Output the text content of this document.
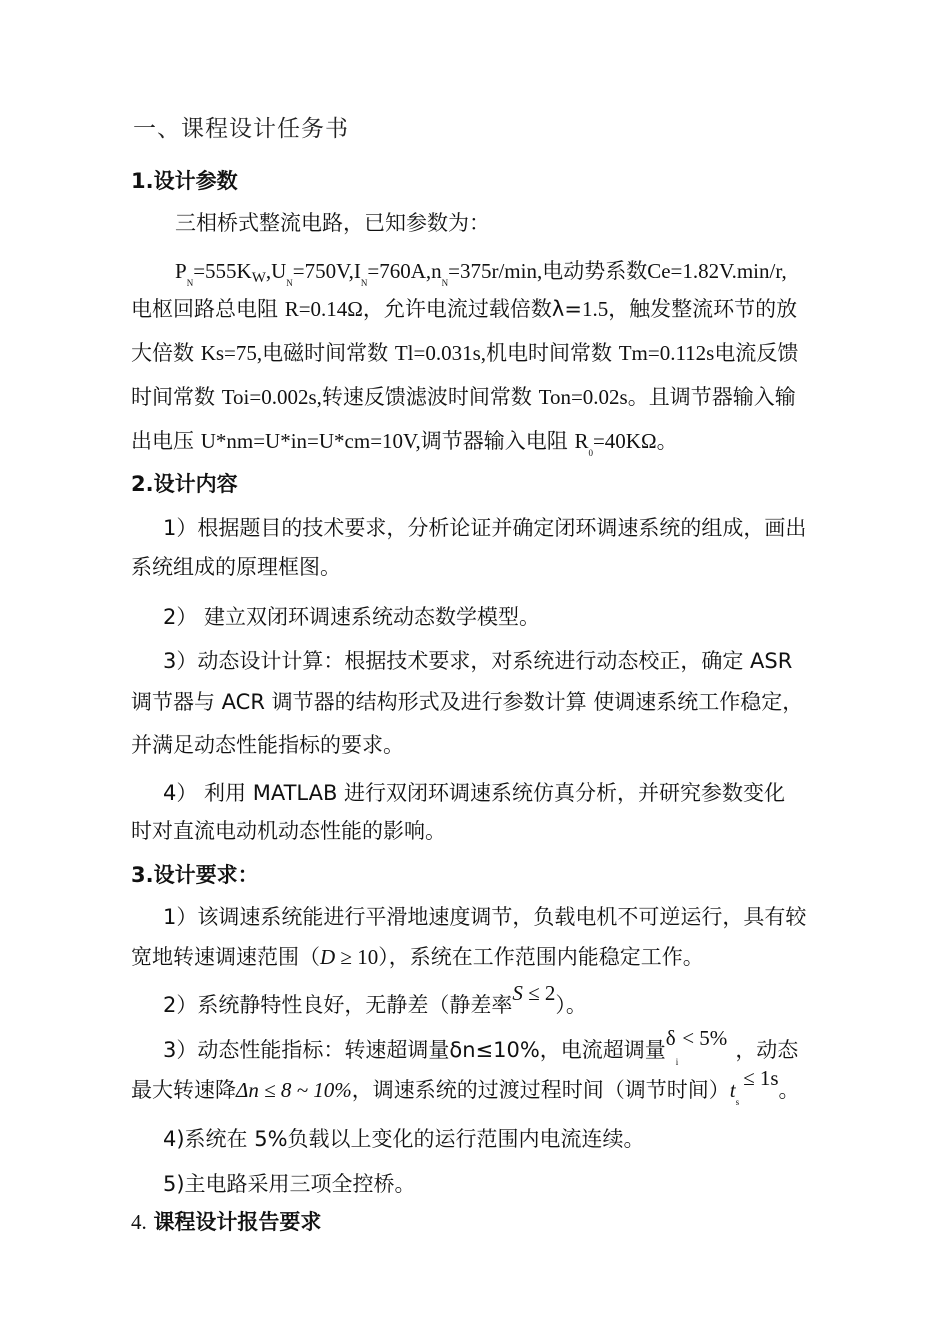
一、课程设计任务书
1.设计参数
三相桥式整流电路，已知参数为：
$P_N=555KW,U_N=750V,I_N=760A,n_N=375r/\min$,电动势系数Ce=1.82V.min/r,
电枢回路总电阻 R=0.14Ω，允许电流过载倍数λ=1.5，触发整流环节的放
大倍数 Ks=75,电磁时间常数 Tl=0.031s,机电时间常数 Tm=0.112s电流反馈
时间常数 Toi=0.002s,转速反馈滤波时间常数 Ton=0.02s。且调节器输入输
出电压 U*nm=U*in=U*cm=10V,调节器输入电阻 $R_0=40K\Omega$。
2.设计内容
1）根据题目的技术要求，分析论证并确定闭环调速系统的组成，画出
系统组成的原理框图。
2） 建立双闭环调速系统动态数学模型。
3）动态设计计算：根据技术要求，对系统进行动态校正，确定 ASR
调节器与 ACR 调节器的结构形式及进行参数计算 使调速系统工作稳定，
并满足动态性能指标的要求。
4） 利用 MATLAB 进行双闭环调速系统仿真分析，并研究参数变化
时对直流电动机动态性能的影响。
3.设计要求：
1）该调速系统能进行平滑地速度调节，负载电机不可逆运行，具有较
宽地转速调速范围（D ≥ 10），系统在工作范围内能稳定工作。
2）系统静特性良好，无静差（静差率S ≤ 2）。
3）动态性能指标：转速超调量δn≤10%，电流超调量$\delta_i< 5\%$ ，动态
最大转速降Δn ≤ 8 ~ 10%，调速系统的过渡过程时间（调节时间）$t_s\le 1s$。
4)系统在 5%负载以上变化的运行范围内电流连续。
5)主电路采用三项全控桥。
4. 课程设计报告要求
